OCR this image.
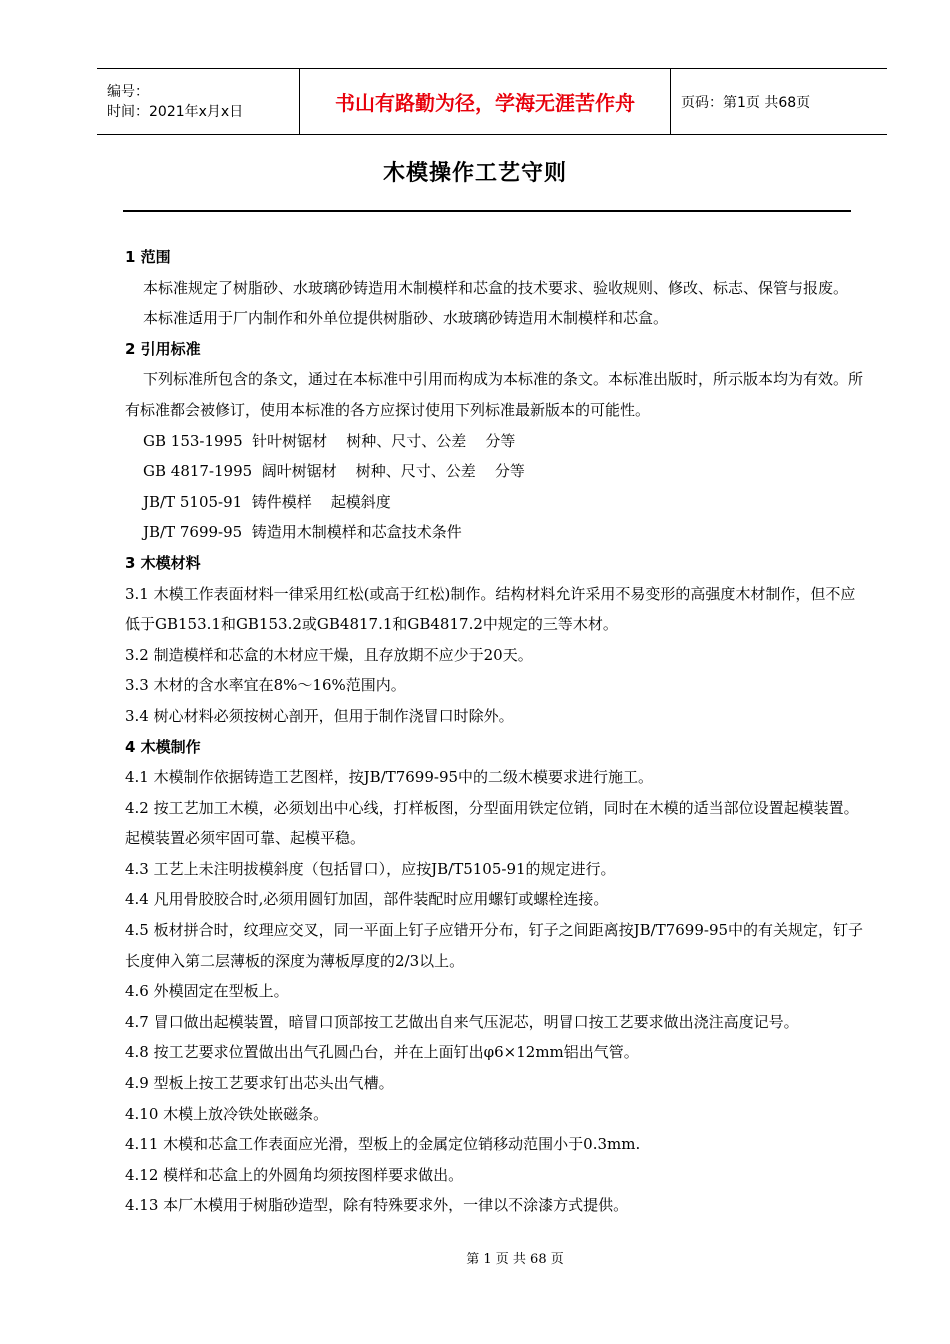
编号：
时间：2021年x月x日	书山有路勤为径，学海无涯苦作舟	页码：第1页 共68页
木模操作工艺守则
1 范围
本标准规定了树脂砂、水玻璃砂铸造用木制模样和芯盒的技术要求、验收规则、修改、标志、保管与报废。
本标准适用于厂内制作和外单位提供树脂砂、水玻璃砂铸造用木制模样和芯盒。
2 引用标准
下列标准所包含的条文，通过在本标准中引用而构成为本标准的条文。本标准出版时，所示版本均为有效。所有标准都会被修订，使用本标准的各方应探讨使用下列标准最新版本的可能性。
GB 153-1995  针叶树锯材    树种、尺寸、公差    分等
GB 4817-1995  阔叶树锯材    树种、尺寸、公差    分等
JB/T 5105-91  铸件模样    起模斜度
JB/T 7699-95  铸造用木制模样和芯盒技术条件
3 木模材料
3.1 木模工作表面材料一律采用红松(或高于红松)制作。结构材料允许采用不易变形的高强度木材制作，但不应低于GB153.1和GB153.2或GB4817.1和GB4817.2中规定的三等木材。
3.2 制造模样和芯盒的木材应干燥，且存放期不应少于20天。
3.3 木材的含水率宜在8%～16%范围内。
3.4 树心材料必须按树心剖开，但用于制作浇冒口时除外。
4 木模制作
4.1 木模制作依据铸造工艺图样，按JB/T7699-95中的二级木模要求进行施工。
4.2 按工艺加工木模，必须划出中心线，打样板图，分型面用铁定位销，同时在木模的适当部位设置起模装置。起模装置必须牢固可靠、起模平稳。
4.3 工艺上未注明拔模斜度（包括冒口），应按JB/T5105-91的规定进行。
4.4 凡用骨胶胶合时,必须用圆钉加固，部件装配时应用螺钉或螺栓连接。
4.5 板材拼合时，纹理应交叉，同一平面上钉子应错开分布，钉子之间距离按JB/T7699-95中的有关规定，钉子长度伸入第二层薄板的深度为薄板厚度的2/3以上。
4.6 外模固定在型板上。
4.7 冒口做出起模装置，暗冒口顶部按工艺做出自来气压泥芯，明冒口按工艺要求做出浇注高度记号。
4.8 按工艺要求位置做出出气孔圆凸台，并在上面钉出φ6×12mm铝出气管。
4.9 型板上按工艺要求钉出芯头出气槽。
4.10 木模上放冷铁处嵌磁条。
4.11 木模和芯盒工作表面应光滑，型板上的金属定位销移动范围小于0.3mm.
4.12 模样和芯盒上的外圆角均须按图样要求做出。
4.13 本厂木模用于树脂砂造型，除有特殊要求外，一律以不涂漆方式提供。
第 1 页 共 68 页
